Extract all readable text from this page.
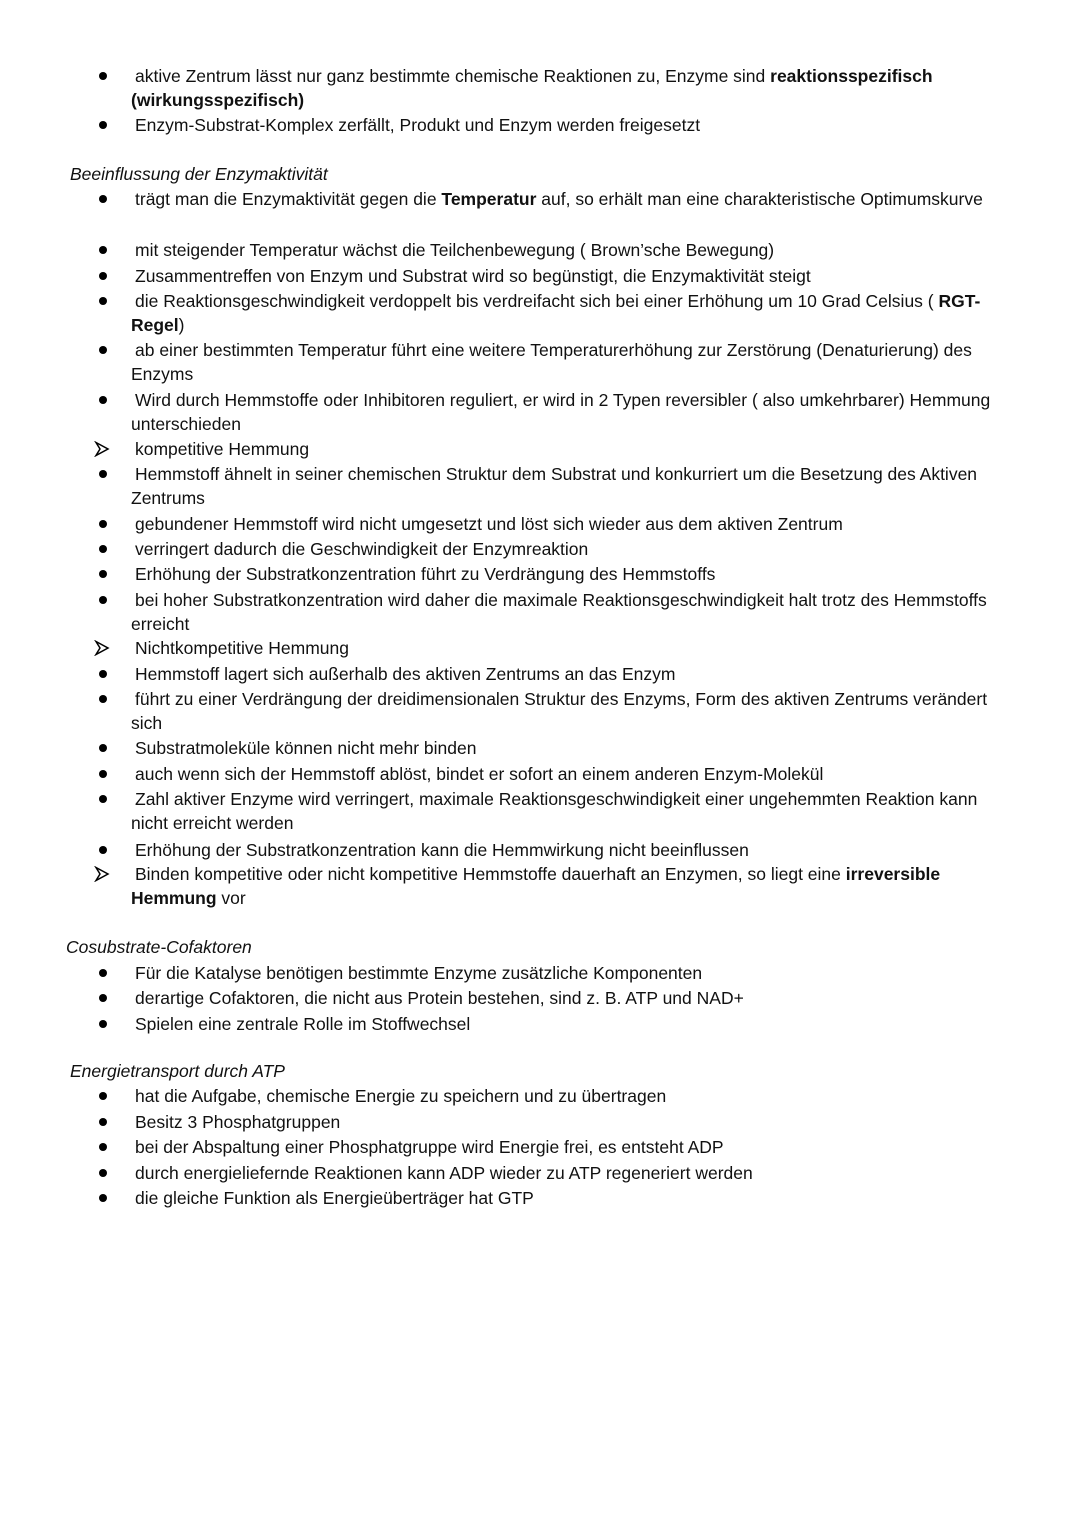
aktive Zentrum lässt nur ganz bestimmte chemische Reaktionen zu, Enzyme sind reaktionsspezifisch (wirkungsspezifisch)
Enzym-Substrat-Komplex zerfällt, Produkt und Enzym werden freigesetzt
Beeinflussung der Enzymaktivität
trägt man die Enzymaktivität gegen die Temperatur auf, so erhält man eine charakteristische Optimumskurve
mit steigender Temperatur wächst die Teilchenbewegung ( Brown’sche Bewegung)
Zusammentreffen von Enzym und Substrat wird so begünstigt, die Enzymaktivität steigt
die Reaktionsgeschwindigkeit verdoppelt bis verdreifacht sich bei einer Erhöhung um 10 Grad Celsius ( RGT-Regel)
ab einer bestimmten Temperatur führt eine weitere Temperaturerhöhung zur Zerstörung (Denaturierung) des Enzyms
Wird durch Hemmstoffe oder Inhibitoren reguliert, er wird in 2 Typen reversibler ( also umkehrbarer) Hemmung unterschieden
kompetitive Hemmung
Hemmstoff ähnelt in seiner chemischen Struktur dem Substrat und konkurriert um die Besetzung des Aktiven Zentrums
gebundener Hemmstoff wird nicht umgesetzt und löst sich wieder aus dem aktiven Zentrum
verringert dadurch die Geschwindigkeit der Enzymreaktion
Erhöhung der Substratkonzentration führt zu Verdrängung des Hemmstoffs
bei hoher Substratkonzentration wird daher die maximale Reaktionsgeschwindigkeit halt trotz des Hemmstoffs erreicht
Nichtkompetitive Hemmung
Hemmstoff lagert sich außerhalb des aktiven Zentrums an das Enzym
führt zu einer Verdrängung der dreidimensionalen Struktur des Enzyms, Form des aktiven Zentrums verändert sich
Substratmoleküle können nicht mehr binden
auch wenn sich der Hemmstoff ablöst, bindet er sofort an einem anderen Enzym-Molekül
Zahl aktiver Enzyme wird verringert, maximale Reaktionsgeschwindigkeit einer ungehemmten Reaktion kann nicht erreicht werden
Erhöhung der Substratkonzentration kann die Hemmwirkung nicht beeinflussen
Binden kompetitive oder nicht kompetitive Hemmstoffe dauerhaft an Enzymen, so liegt eine irreversible Hemmung vor
Cosubstrate-Cofaktoren
Für die Katalyse benötigen bestimmte Enzyme zusätzliche Komponenten
derartige Cofaktoren, die nicht aus Protein bestehen, sind z. B. ATP und NAD+
Spielen eine zentrale Rolle im Stoffwechsel
Energietransport durch ATP
hat die Aufgabe, chemische Energie zu speichern und zu übertragen
Besitz 3 Phosphatgruppen
bei der Abspaltung einer Phosphatgruppe wird Energie frei, es entsteht ADP
durch energieliefernde Reaktionen kann ADP wieder zu ATP regeneriert werden
die gleiche Funktion als Energieüberträger hat GTP
